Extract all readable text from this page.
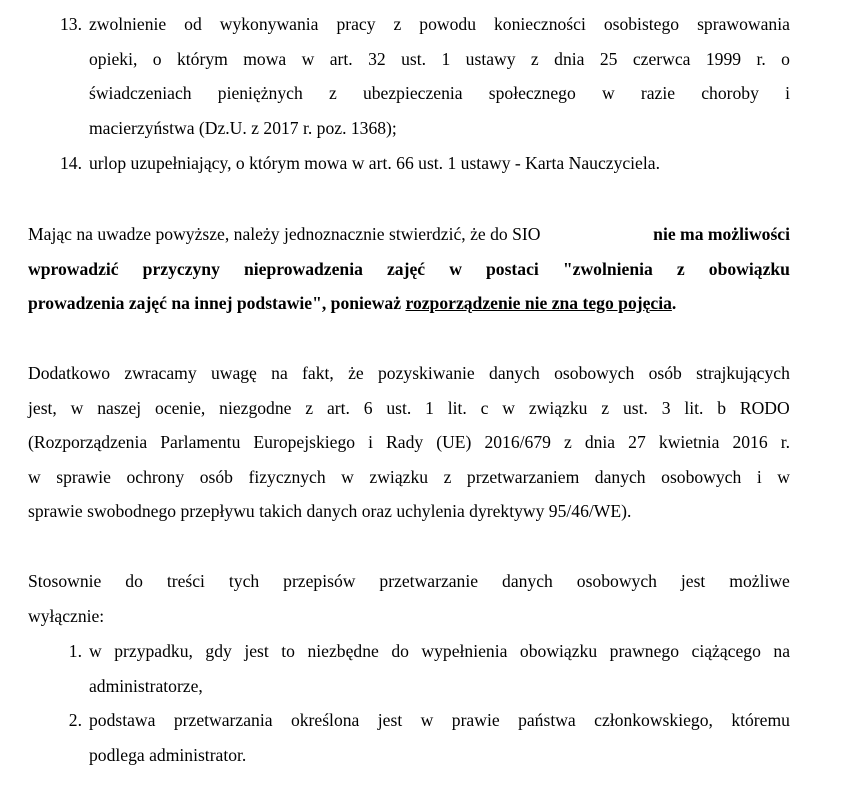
13. zwolnienie od wykonywania pracy z powodu konieczności osobistego sprawowania
opieki, o którym mowa w art. 32 ust. 1 ustawy z dnia 25 czerwca 1999 r. o
świadczeniach pieniężnych z ubezpieczenia społecznego w razie choroby i
macierzyństwa (Dz.U. z 2017 r. poz. 1368);
14. urlop uzupełniający, o którym mowa w art. 66 ust. 1 ustawy - Karta Nauczyciela.
Mając na uwadze powyższe, należy jednoznacznie stwierdzić, że do SIO	nie ma możliwości
wprowadzić przyczyny nieprowadzenia zajęć w postaci "zwolnienia z obowiązku
prowadzenia zajęć na innej podstawie", ponieważ rozporządzenie nie zna tego pojęcia.
Dodatkowo zwracamy uwagę na fakt, że pozyskiwanie danych osobowych osób strajkujących
jest, w naszej ocenie, niezgodne z art. 6 ust. 1 lit. c w związku z ust. 3 lit. b RODO
(Rozporządzenia Parlamentu Europejskiego i Rady (UE) 2016/679 z dnia 27 kwietnia 2016 r.
w sprawie ochrony osób fizycznych w związku z przetwarzaniem danych osobowych i w
sprawie swobodnego przepływu takich danych oraz uchylenia dyrektywy 95/46/WE).
Stosownie do treści tych przepisów przetwarzanie danych osobowych jest możliwe
wyłącznie:
1. w przypadku, gdy jest to niezbędne do wypełnienia obowiązku prawnego ciążącego na
administratorze,
2. podstawa przetwarzania określona jest w prawie państwa członkowskiego, któremu
podlega administrator.
